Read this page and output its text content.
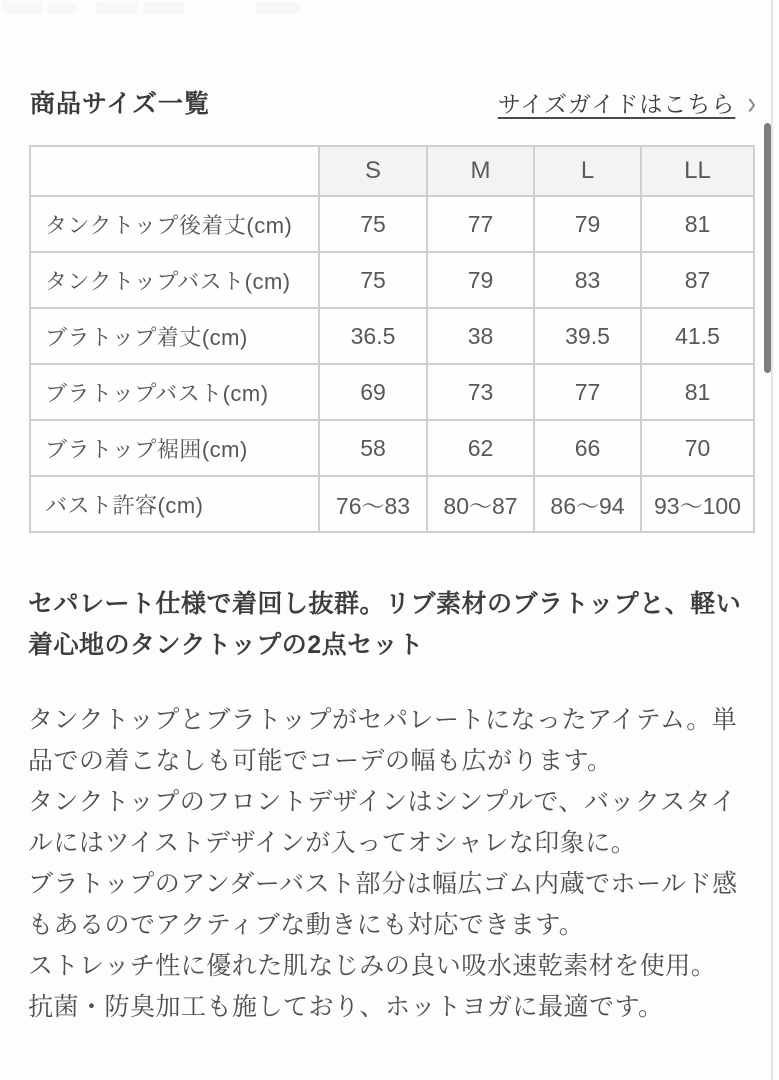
商品サイズ一覧	サイズガイドはこちら ›
	S	M	L	LL
タンクトップ後着丈(cm)	75	77	79	81
タンクトップバスト(cm)	75	79	83	87
ブラトップ着丈(cm)	36.5	38	39.5	41.5
ブラトップバスト(cm)	69	73	77	81
ブラトップ裾囲(cm)	58	62	66	70
バスト許容(cm)	76〜83	80〜87	86〜94	93〜100
セパレート仕様で着回し抜群。リブ素材のブラトップと、軽い着心地のタンクトップの2点セット

タンクトップとブラトップがセパレートになったアイテム。単品での着こなしも可能でコーデの幅も広がります。

タンクトップのフロントデザインはシンプルで、バックスタイルにはツイストデザインが入ってオシャレな印象に。

ブラトップのアンダーバスト部分は幅広ゴム内蔵でホールド感もあるのでアクティブな動きにも対応できます。

ストレッチ性に優れた肌なじみの良い吸水速乾素材を使用。

抗菌・防臭加工も施しており、ホットヨガに最適です。
